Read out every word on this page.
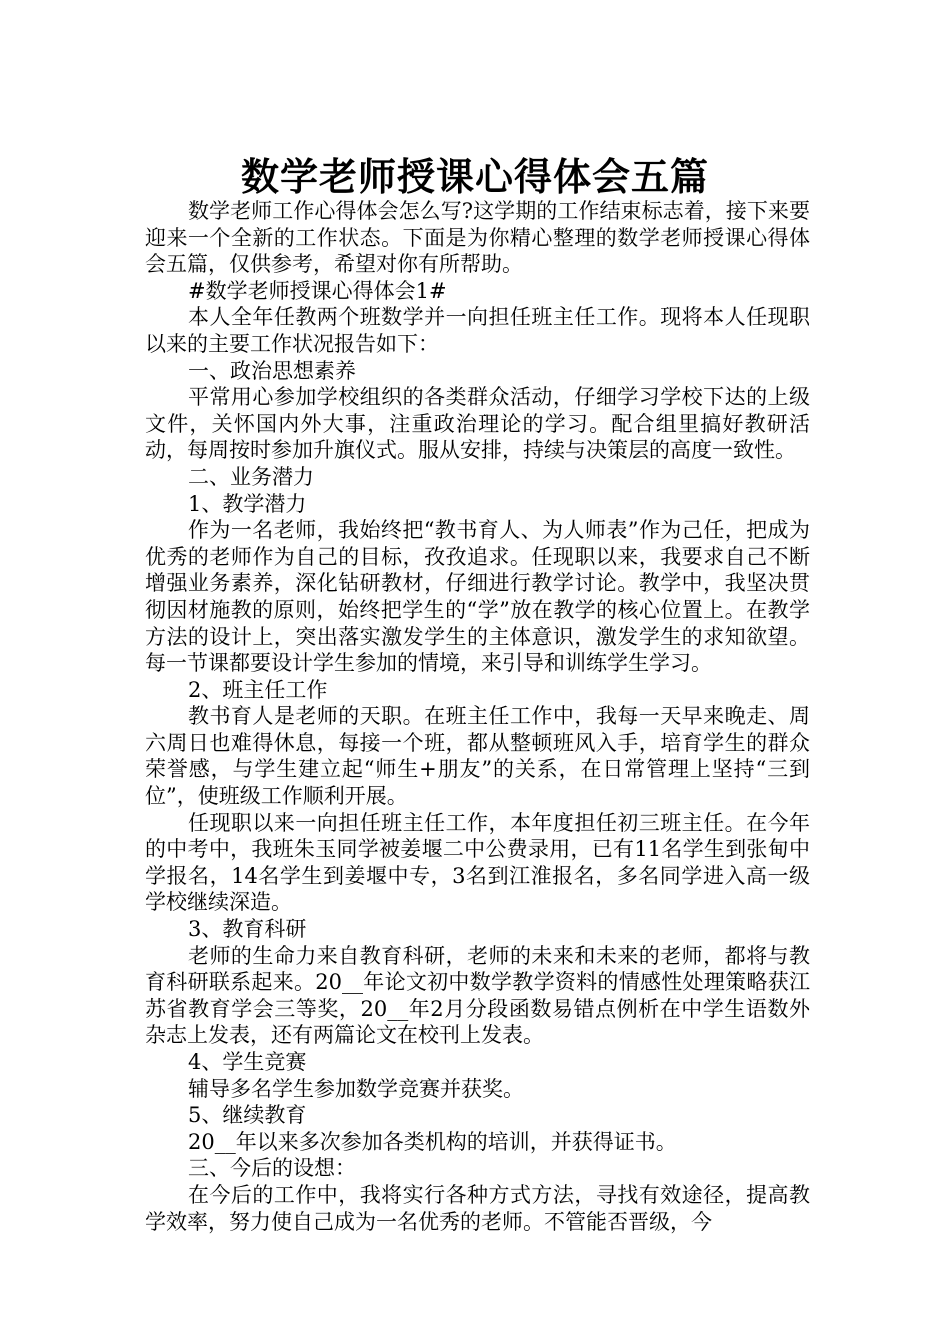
数学老师授课心得体会五篇

数学老师工作心得体会怎么写?这学期的工作结束标志着，接下来要迎来一个全新的工作状态。下面是为你精心整理的数学老师授课心得体会五篇，仅供参考，希望对你有所帮助。

#数学老师授课心得体会1#

本人全年任教两个班数学并一向担任班主任工作。现将本人任现职以来的主要工作状况报告如下：

一、政治思想素养

平常用心参加学校组织的各类群众活动，仔细学习学校下达的上级文件，关怀国内外大事，注重政治理论的学习。配合组里搞好教研活动，每周按时参加升旗仪式。服从安排，持续与决策层的高度一致性。

二、业务潜力

1、教学潜力

作为一名老师，我始终把“教书育人、为人师表”作为己任，把成为优秀的老师作为自己的目标，孜孜追求。任现职以来，我要求自己不断增强业务素养，深化钻研教材，仔细进行教学讨论。教学中，我坚决贯彻因材施教的原则，始终把学生的“学”放在教学的核心位置上。在教学方法的设计上，突出落实激发学生的主体意识，激发学生的求知欲望。每一节课都要设计学生参加的情境，来引导和训练学生学习。

2、班主任工作

教书育人是老师的天职。在班主任工作中，我每一天早来晚走、周六周日也难得休息，每接一个班，都从整顿班风入手，培育学生的群众荣誉感，与学生建立起“师生+朋友”的关系，在日常管理上坚持“三到位”，使班级工作顺利开展。

任现职以来一向担任班主任工作，本年度担任初三班主任。在今年的中考中，我班朱玉同学被姜堰二中公费录用，已有11名学生到张甸中学报名，14名学生到姜堰中专，3名到江淮报名，多名同学进入高一级学校继续深造。

3、教育科研

老师的生命力来自教育科研，老师的未来和未来的老师，都将与教育科研联系起来。20__年论文初中数学教学资料的情感性处理策略获江苏省教育学会三等奖，20__年2月分段函数易错点例析在中学生语数外杂志上发表，还有两篇论文在校刊上发表。

4、学生竞赛

辅导多名学生参加数学竞赛并获奖。

5、继续教育

20__年以来多次参加各类机构的培训，并获得证书。

三、今后的设想：

在今后的工作中，我将实行各种方式方法，寻找有效途径，提高教学效率，努力使自己成为一名优秀的老师。不管能否晋级，今
